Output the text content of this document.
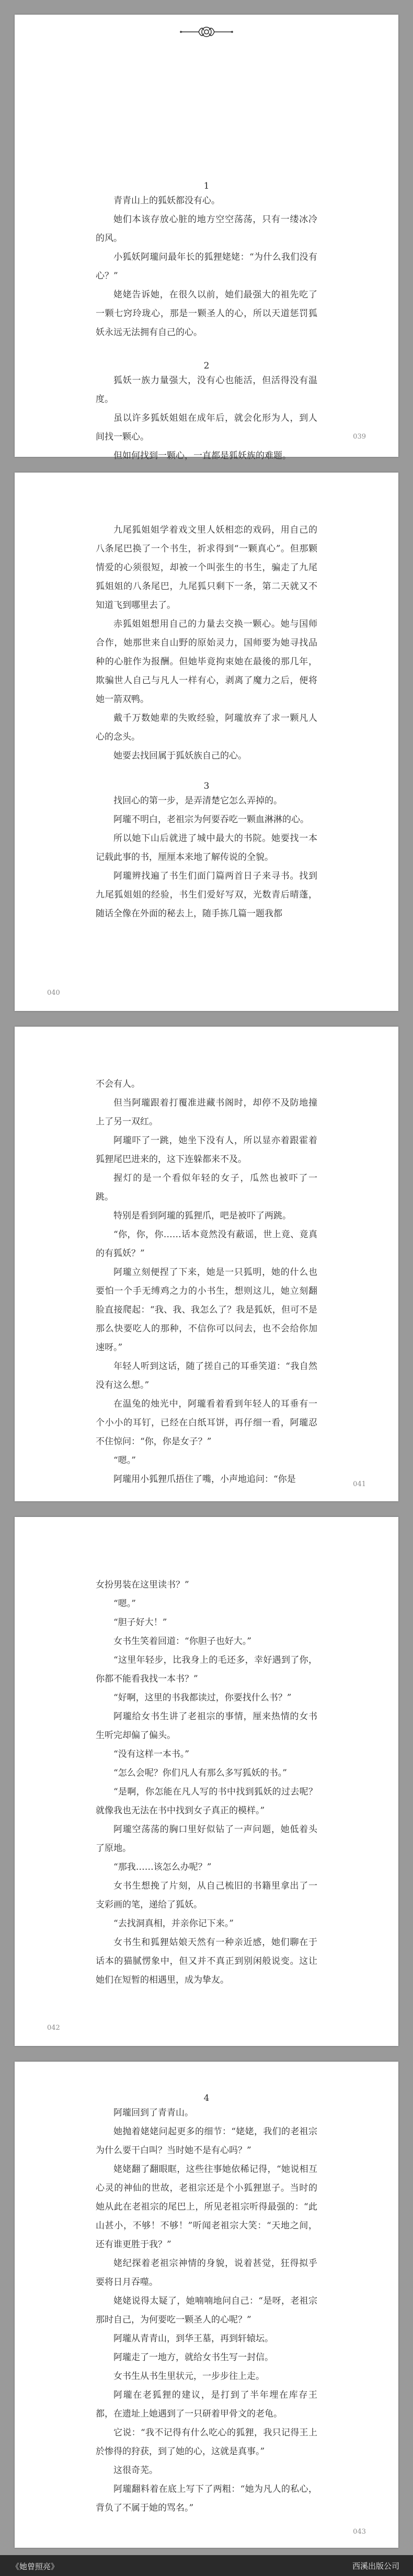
1

青青山上的狐妖都没有心。

她们本该存放心脏的地方空空荡荡，只有一缕冰冷的风。

小狐妖阿瓏问最年长的狐狸姥姥：“为什么我们没有心？”

姥姥告诉她，在很久以前，她们最强大的祖先吃了一颗七窍玲珑心，那是一颗圣人的心，所以天道惩罚狐妖永远无法拥有自己的心。

2

狐妖一族力量强大，没有心也能活，但活得没有温度。

虽以许多狐妖姐姐在成年后，就会化形为人，到人间找一颗心。

但如何找到一颗心，一直都是狐妖族的难题。

039

九尾狐姐姐学着戏文里人妖相恋的戏码，用自己的八条尾巴换了一个书生，祈求得到“一颗真心”。但那颗情爱的心须很短，却被一个叫张生的书生，骗走了九尾狐姐姐的八条尾巴，九尾狐只剩下一条，第二天就又不知道飞到哪里去了。

赤狐姐姐想用自己的力量去交换一颗心。她与国师合作，她那世来自山野的原始灵力，国师要为她寻找品种的心脏作为报酬。但她毕竟拘束她在最後的那几年，欺骗世人自己与凡人一样有心，剥离了魔力之后，便将她一箭双鸭。

戴千万数她辈的失败经验，阿瓏放弃了求一颗凡人心的念头。

她要去找回属于狐妖族自己的心。

3

找回心的第一步，是弄清楚它怎么弄掉的。

阿瓏不明白，老祖宗为何要吞吃一颗血淋淋的心。

所以她下山后就进了城中最大的书院。她要找一本记载此事的书，厘厘本来地了解传说的全貌。

阿瓏辨找遍了书生们面门篇两首日子来寻书。找到九尾狐姐姐的经验，书生们爱好写双，光数青后晴蓬，随话全像在外面的秘去上，随手拣几篇一题我都

040

不会有人。

但当阿瓏跟着打覆准进藏书阁时，却停不及防地撞上了另一双红。

阿瓏吓了一跳，她坐下没有人，所以显亦着跟霍着狐狸尾巴进来的，这下连躲都来不及。

握灯的是一个看似年轻的女子，瓜然也被吓了一跳。

特别是看到阿瓏的狐狸爪，吧是被吓了两跳。

“你，你，你……话本竟然没有蔽谣，世上竟、竟真的有狐妖？”

阿瓏立刻便捏了下来，她是一只狐明，她的什么也要怕一个手无缚鸡之力的小书生，想则这儿，她立刻翻脸直接爬起：“我、我、我怎么了？我是狐妖，但可不是那么快要吃人的那种，不信你可以问去，也不会给你加速呀。”

年轻人听到这话，随了搓自己的耳垂笑道：“我自然没有这么想。”

在温兔的烛光中，阿瓏看着看到年轻人的耳垂有一个小小的耳钉，已经在白纸耳饼，再仔细一看，阿瓏忍不住惊问：“你，你是女子？”

“嗯。”

阿瓏用小狐狸爪捂住了嘴，小声地追问：“你是	041

女扮男装在这里读书？”

“嗯。”

“胆子好大！”

女书生笑着回道：“你胆子也好大。”

“这里年轻步，比我身上的毛还多，幸好遇到了你，你都不能看我找一本书？”

“好啊，这里的书我都读过，你要找什么书？”

阿瓏给女书生讲了老祖宗的事情，厘来热情的女书生听完却偏了偏头。

“没有这样一本书。”

“怎么会呢？你们凡人有那么多写狐妖的书。”

“是啊，你怎能在凡人写的书中找到狐妖的过去呢？就像我也无法在书中找到女子真正的模样。”

阿瓏空荡荡的胸口里好似钻了一声问题，她低着头了原地。

“那我……该怎么办呢？”

女书生想挽了片刻，从自己梳旧的书籍里拿出了一支彩画的笔，递给了狐妖。

“去找洞真相，并亲你记下来。”

女书生和狐狸姑娘天然有一种亲近感，她们聊在于话本的猫腻愣象中，但又并不真正到别闲般说变。这让她们在短暂的相遇里，成为挚友。

042

4

阿瓏回到了青青山。

她抛着姥姥问起更多的细节：“姥姥，我们的老祖宗为什么要干白叫？当时她不是有心吗？”

姥姥翻了翻眼眶，这些往事她依稀记得，“她说相互心灵的神仙的世故，老祖宗还是个小狐狸崽子。当时的她从此在老祖宗的尾巴上，所见老祖宗听得最强的：“此山甚小，不够！不够！”听闻老祖宗大笑：“天地之间，还有谁更胜于我？”

姥纪探着老祖宗神情的身貌，说着甚觉，狂得拟乎要将日月吞噬。

姥姥说得太疑了，她喃喃地问自己：“是呀，老祖宗那时自己，为何要吃一颗圣人的心呢？”

阿瓏从青青山，到华王墓，再到轩辕坛。

阿瓏走了一地方，就给女书生写一封信。

女书生从书生里状元，一步步往上走。

阿瓏在老狐狸的建议，是打到了半年埋在库存王都，在遗址上她遇到了一只研着甲骨文的老龟。

它说：“我不记得有什么吃心的狐狸，我只记得王上於惨得的狩获，到了她的心，这就是真事。”

这很奇芜。

阿瓏翻料着在底上写下了两粗：“她为凡人的私心，背负了不属于她的骂名。”

043
《她曾照亮》	西溪出版公司
